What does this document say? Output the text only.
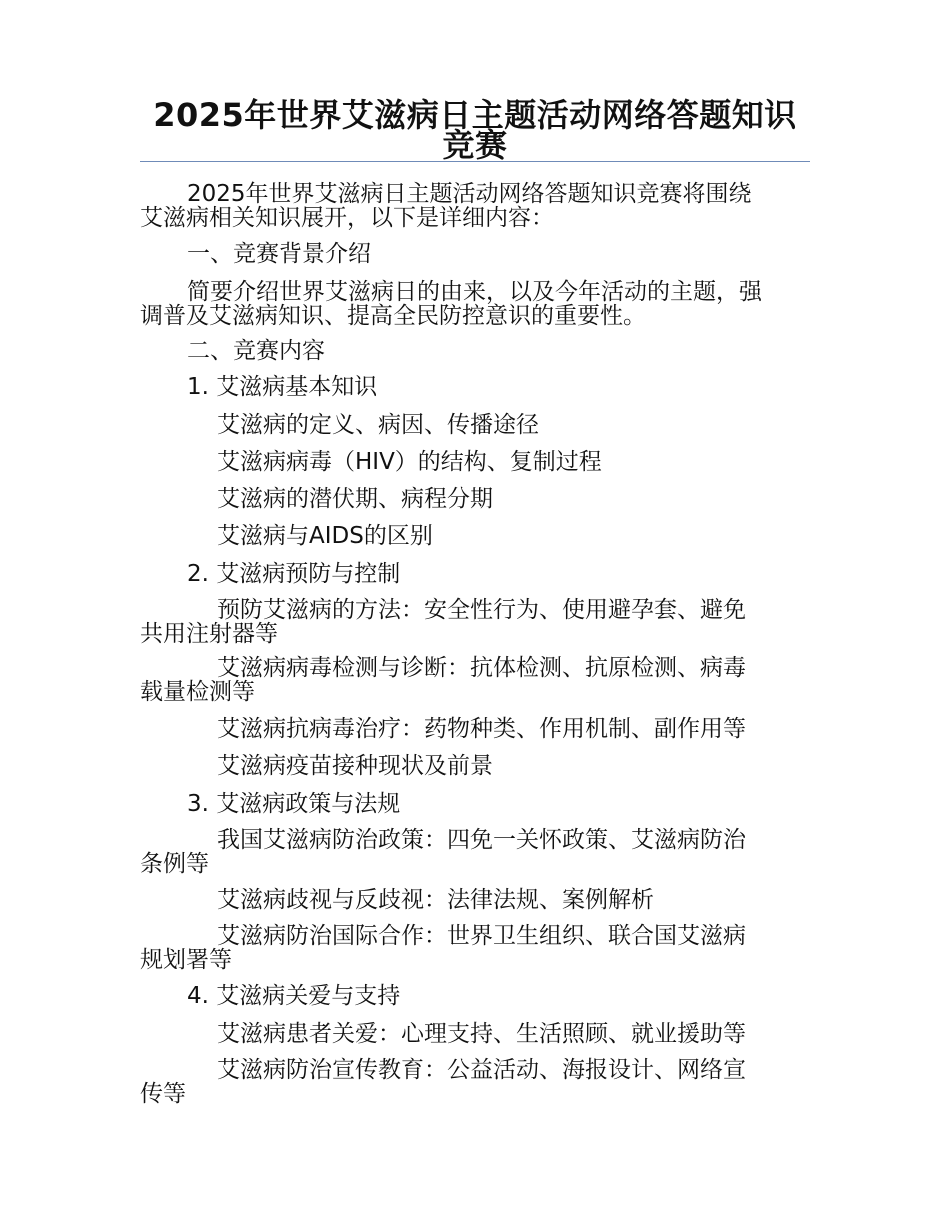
2025年世界艾滋病日主题活动网络答题知识竞赛
2025年世界艾滋病日主题活动网络答题知识竞赛将围绕
艾滋病相关知识展开，以下是详细内容：
一、竞赛背景介绍
简要介绍世界艾滋病日的由来，以及今年活动的主题，强
调普及艾滋病知识、提高全民防控意识的重要性。
二、竞赛内容
1. 艾滋病基本知识
艾滋病的定义、病因、传播途径
艾滋病病毒（HIV）的结构、复制过程
艾滋病的潜伏期、病程分期
艾滋病与AIDS的区别
2. 艾滋病预防与控制
预防艾滋病的方法：安全性行为、使用避孕套、避免
共用注射器等
艾滋病病毒检测与诊断：抗体检测、抗原检测、病毒
载量检测等
艾滋病抗病毒治疗：药物种类、作用机制、副作用等
艾滋病疫苗接种现状及前景
3. 艾滋病政策与法规
我国艾滋病防治政策：四免一关怀政策、艾滋病防治
条例等
艾滋病歧视与反歧视：法律法规、案例解析
艾滋病防治国际合作：世界卫生组织、联合国艾滋病
规划署等
4. 艾滋病关爱与支持
艾滋病患者关爱：心理支持、生活照顾、就业援助等
艾滋病防治宣传教育：公益活动、海报设计、网络宣
传等
